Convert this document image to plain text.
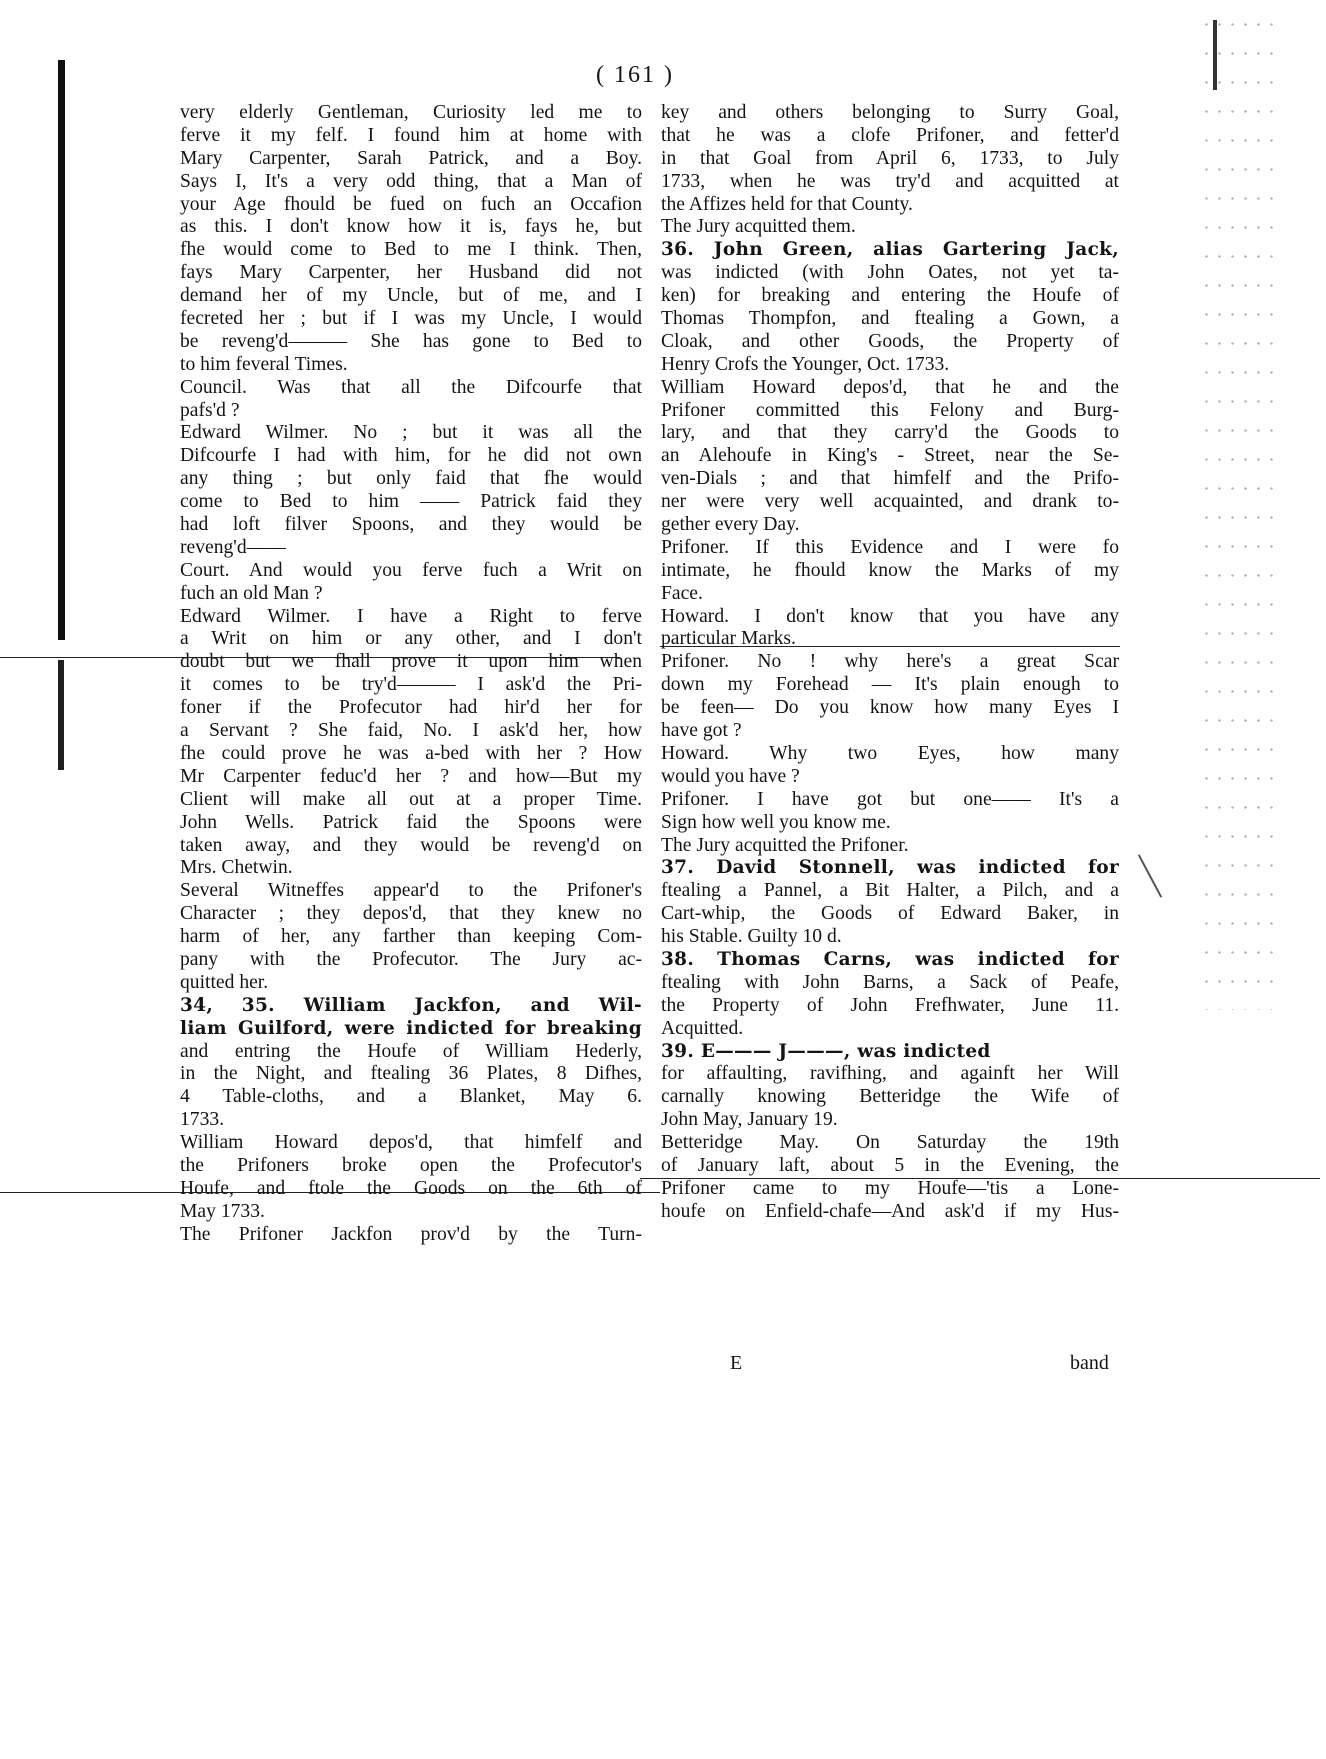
( 161 )
very elderly Gentleman, Curiosity led me to
ferve it my felf. I found him at home with
Mary Carpenter, Sarah Patrick, and a Boy.
Says I, It's a very odd thing, that a Man of
your Age fhould be fued on fuch an Occafion
as this. I don't know how it is, fays he, but
fhe would come to Bed to me I think. Then,
fays Mary Carpenter, her Husband did not
demand her of my Uncle, but of me, and I
fecreted her ; but if I was my Uncle, I would
be reveng'd——— She has gone to Bed to
to him feveral Times.
Council. Was that all the Difcourfe that
pafs'd ?
Edward Wilmer. No ; but it was all the
Difcourfe I had with him, for he did not own
any thing ; but only faid that fhe would
come to Bed to him —— Patrick faid they
had loft filver Spoons, and they would be
reveng'd——
Court. And would you ferve fuch a Writ on
fuch an old Man ?
Edward Wilmer. I have a Right to ferve
a Writ on him or any other, and I don't
doubt but we fhall prove it upon him when
it comes to be try'd——— I ask'd the Pri-
foner if the Profecutor had hir'd her for
a Servant ? She faid, No. I ask'd her, how
fhe could prove he was a-bed with her ? How
Mr Carpenter feduc'd her ? and how—But my
Client will make all out at a proper Time.
John Wells. Patrick faid the Spoons were
taken away, and they would be reveng'd on
Mrs. Chetwin.
Several Witneffes appear'd to the Prifoner's
Character ; they depos'd, that they knew no
harm of her, any farther than keeping Com-
pany with the Profecutor. The Jury ac-
quitted her.
34, 35. William Jackfon, and Wil-
liam Guilford, were indicted for breaking
and entring the Houfe of William Hederly,
in the Night, and ftealing 36 Plates, 8 Difhes,
4 Table-cloths, and a Blanket, May 6.
1733.
William Howard depos'd, that himfelf and
the Prifoners broke open the Profecutor's
Houfe, and ftole the Goods on the 6th of
May 1733.
The Prifoner Jackfon prov'd by the Turn-
key and others belonging to Surry Goal,
that he was a clofe Prifoner, and fetter'd
in that Goal from April 6, 1733, to July
1733, when he was try'd and acquitted at
the Affizes held for that County.
The Jury acquitted them.
36. John Green, alias Gartering Jack,
was indicted (with John Oates, not yet ta-
ken) for breaking and entering the Houfe of
Thomas Thompfon, and ftealing a Gown, a
Cloak, and other Goods, the Property of
Henry Crofs the Younger, Oct. 1733.
William Howard depos'd, that he and the
Prifoner committed this Felony and Burg-
lary, and that they carry'd the Goods to
an Alehoufe in King's - Street, near the Se-
ven-Dials ; and that himfelf and the Prifo-
ner were very well acquainted, and drank to-
gether every Day.
Prifoner. If this Evidence and I were fo
intimate, he fhould know the Marks of my
Face.
Howard. I don't know that you have any
particular Marks.
Prifoner. No ! why here's a great Scar
down my Forehead — It's plain enough to
be feen— Do you know how many Eyes I
have got ?
Howard. Why two Eyes, how many
would you have ?
Prifoner. I have got but one—— It's a
Sign how well you know me.
The Jury acquitted the Prifoner.
37. David Stonnell, was indicted for
ftealing a Pannel, a Bit Halter, a Pilch, and a
Cart-whip, the Goods of Edward Baker, in
his Stable. Guilty 10 d.
38. Thomas Carns, was indicted for
ftealing with John Barns, a Sack of Peafe,
the Property of John Frefhwater, June 11.
Acquitted.
39. E——— J———, was indicted
for affaulting, ravifhing, and againft her Will
carnally knowing Betteridge the Wife of
John May, January 19.
Betteridge May. On Saturday the 19th
of January laft, about 5 in the Evening, the
Prifoner came to my Houfe—'tis a Lone-
houfe on Enfield-chafe—And ask'd if my Hus-
E	band
